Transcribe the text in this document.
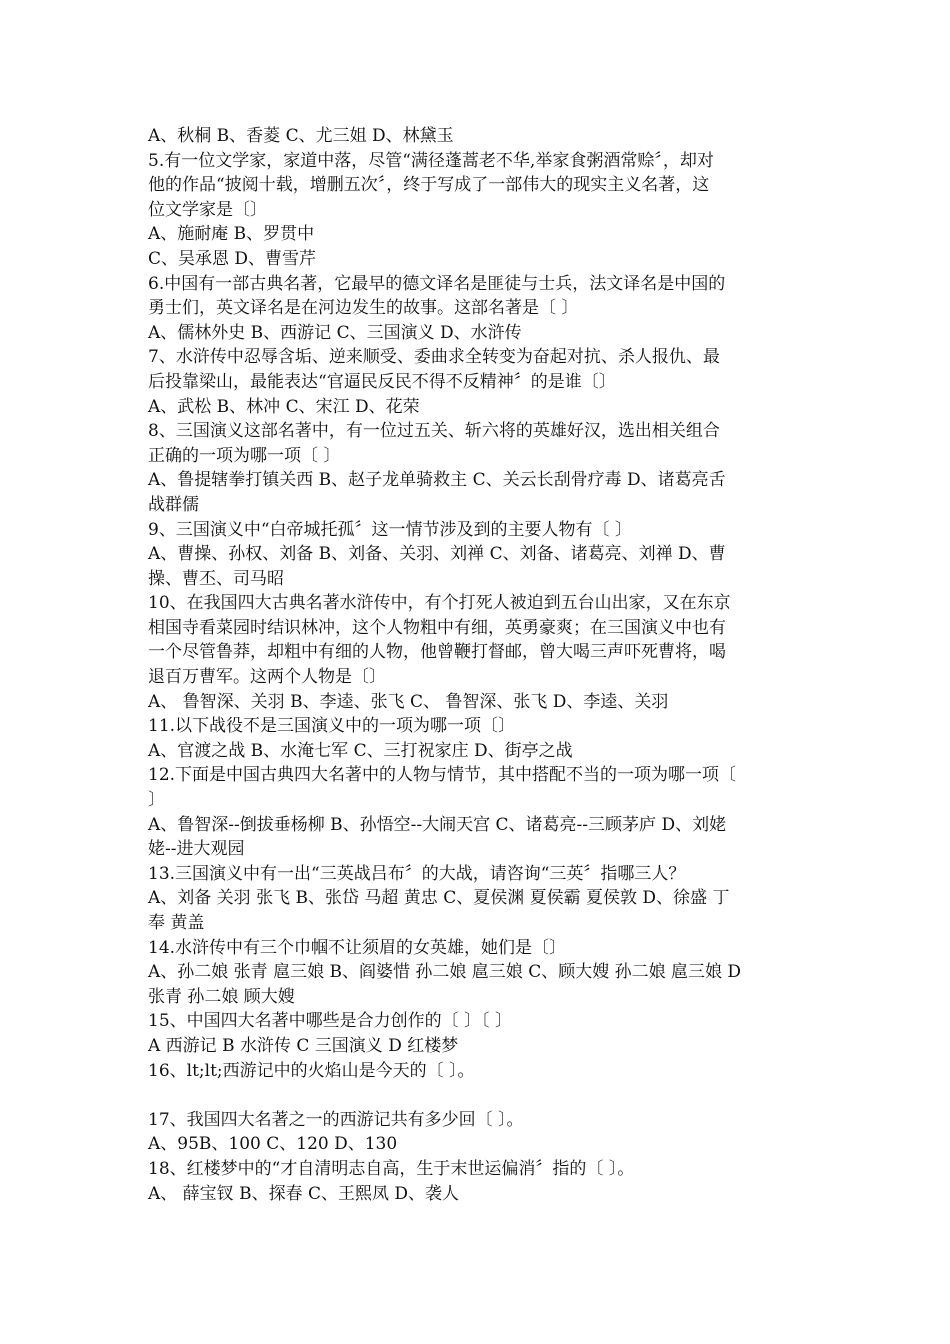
A、秋桐 B、香菱 C、尤三姐 D、林黛玉
5.有一位文学家，家道中落，尽管“满径蓬蒿老不华,举家食粥酒常赊〞，却对
他的作品“披阅十载，增删五次〞，终于写成了一部伟大的现实主义名著，这
位文学家是〔〕
A、施耐庵 B、罗贯中
C、吴承恩 D、曹雪芹
6.中国有一部古典名著，它最早的德文译名是匪徒与士兵，法文译名是中国的
勇士们，英文译名是在河边发生的故事。这部名著是〔 〕
A、儒林外史 B、西游记 C、三国演义 D、水浒传
7、水浒传中忍辱含垢、逆来顺受、委曲求全转变为奋起对抗、杀人报仇、最
后投靠梁山，最能表达“官逼民反民不得不反精神〞的是谁〔〕
A、武松 B、林冲 C、宋江 D、花荣
8、三国演义这部名著中，有一位过五关、斩六将的英雄好汉，选出相关组合
正确的一项为哪一项〔 〕
A、鲁提辖拳打镇关西 B、赵子龙单骑救主 C、关云长刮骨疗毒 D、诸葛亮舌
战群儒
9、三国演义中“白帝城托孤〞这一情节涉及到的主要人物有〔 〕
A、曹操、孙权、刘备 B、刘备、关羽、刘禅 C、刘备、诸葛亮、刘禅 D、曹
操、曹丕、司马昭
10、在我国四大古典名著水浒传中，有个打死人被迫到五台山出家，又在东京
相国寺看菜园时结识林冲，这个人物粗中有细，英勇豪爽；在三国演义中也有
一个尽管鲁莽，却粗中有细的人物，他曾鞭打督邮，曾大喝三声吓死曹将，喝
退百万曹军。这两个人物是〔〕
A、 鲁智深、关羽 B、李逵、张飞 C、 鲁智深、张飞 D、李逵、关羽
11.以下战役不是三国演义中的一项为哪一项〔〕
A、官渡之战 B、水淹七军 C、三打祝家庄 D、街亭之战
12.下面是中国古典四大名著中的人物与情节，其中搭配不当的一项为哪一项〔
〕
A、鲁智深--倒拔垂杨柳 B、孙悟空--大闹天宫 C、诸葛亮--三顾茅庐 D、刘姥
姥--进大观园
13.三国演义中有一出“三英战吕布〞的大战，请咨询“三英〞指哪三人？
A、刘备 关羽 张飞 B、张岱 马超 黄忠 C、夏侯渊 夏侯霸 夏侯敦 D、徐盛 丁
奉 黄盖
14.水浒传中有三个巾帼不让须眉的女英雄，她们是〔〕
A、孙二娘 张青 扈三娘 B、阎婆惜 孙二娘 扈三娘 C、顾大嫂 孙二娘 扈三娘 D
张青 孙二娘 顾大嫂
15、中国四大名著中哪些是合力创作的〔 〕〔 〕
A 西游记 B 水浒传 C 三国演义 D 红楼梦
16、lt;lt;西游记中的火焰山是今天的〔 〕。
17、我国四大名著之一的西游记共有多少回〔 〕。
A、95B、100 C、120 D、130
18、红楼梦中的“才自清明志自高，生于末世运偏消〞指的〔 〕。
A、 薛宝钗 B、探春 C、王熙凤 D、袭人
